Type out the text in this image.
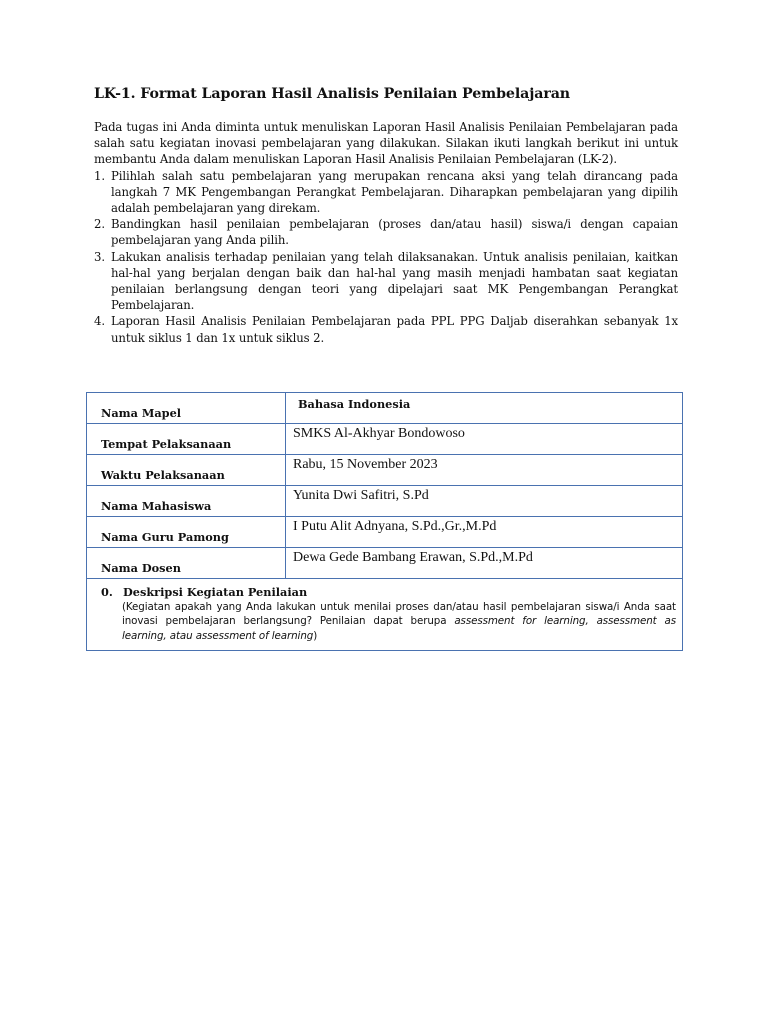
LK-1. Format Laporan Hasil Analisis Penilaian Pembelajaran

Pada tugas ini Anda diminta untuk menuliskan Laporan Hasil Analisis Penilaian Pembelajaran pada salah satu kegiatan inovasi pembelajaran yang dilakukan. Silakan ikuti langkah berikut ini untuk membantu Anda dalam menuliskan Laporan Hasil Analisis Penilaian Pembelajaran (LK-2).

1. Pilihlah salah satu pembelajaran yang merupakan rencana aksi yang telah dirancang pada langkah 7 MK Pengembangan Perangkat Pembelajaran. Diharapkan pembelajaran yang dipilih adalah pembelajaran yang direkam.
2. Bandingkan hasil penilaian pembelajaran (proses dan/atau hasil) siswa/i dengan capaian pembelajaran yang Anda pilih.
3. Lakukan analisis terhadap penilaian yang telah dilaksanakan. Untuk analisis penilaian, kaitkan hal-hal yang berjalan dengan baik dan hal-hal yang masih menjadi hambatan saat kegiatan penilaian berlangsung dengan teori yang dipelajari saat MK Pengembangan Perangkat Pembelajaran.
4. Laporan Hasil Analisis Penilaian Pembelajaran pada PPL PPG Daljab diserahkan sebanyak 1x untuk siklus 1 dan 1x untuk siklus 2.
Nama Mapel	Bahasa Indonesia
Tempat Pelaksanaan	SMKS Al-Akhyar Bondowoso
Waktu Pelaksanaan	Rabu, 15 November 2023
Nama Mahasiswa	Yunita Dwi Safitri, S.Pd
Nama Guru Pamong	I Putu Alit Adnyana, S.Pd.,Gr.,M.Pd
Nama Dosen	Dewa Gede Bambang Erawan, S.Pd.,M.Pd

0. Deskripsi Kegiatan Penilaian

(Kegiatan apakah yang Anda lakukan untuk menilai proses dan/atau hasil pembelajaran siswa/i Anda saat inovasi pembelajaran berlangsung? Penilaian dapat berupa assessment for learning, assessment as learning, atau assessment of learning)	
